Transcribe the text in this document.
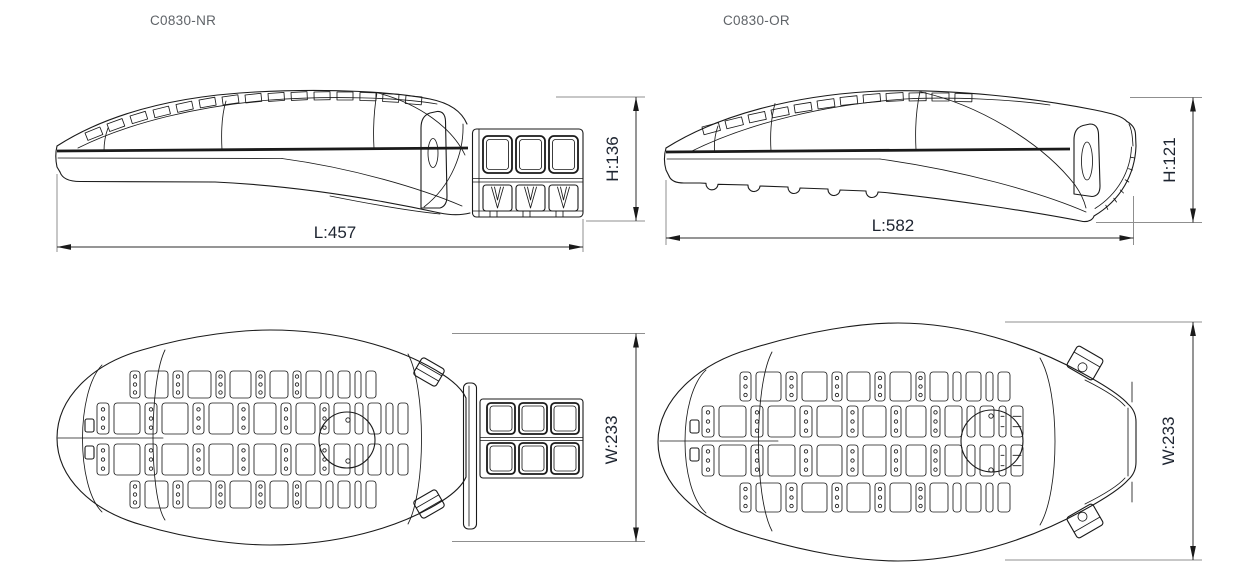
C0830-NR
L:457
H:136
C0830-OR
L:582
H:121
W:233	W:233
